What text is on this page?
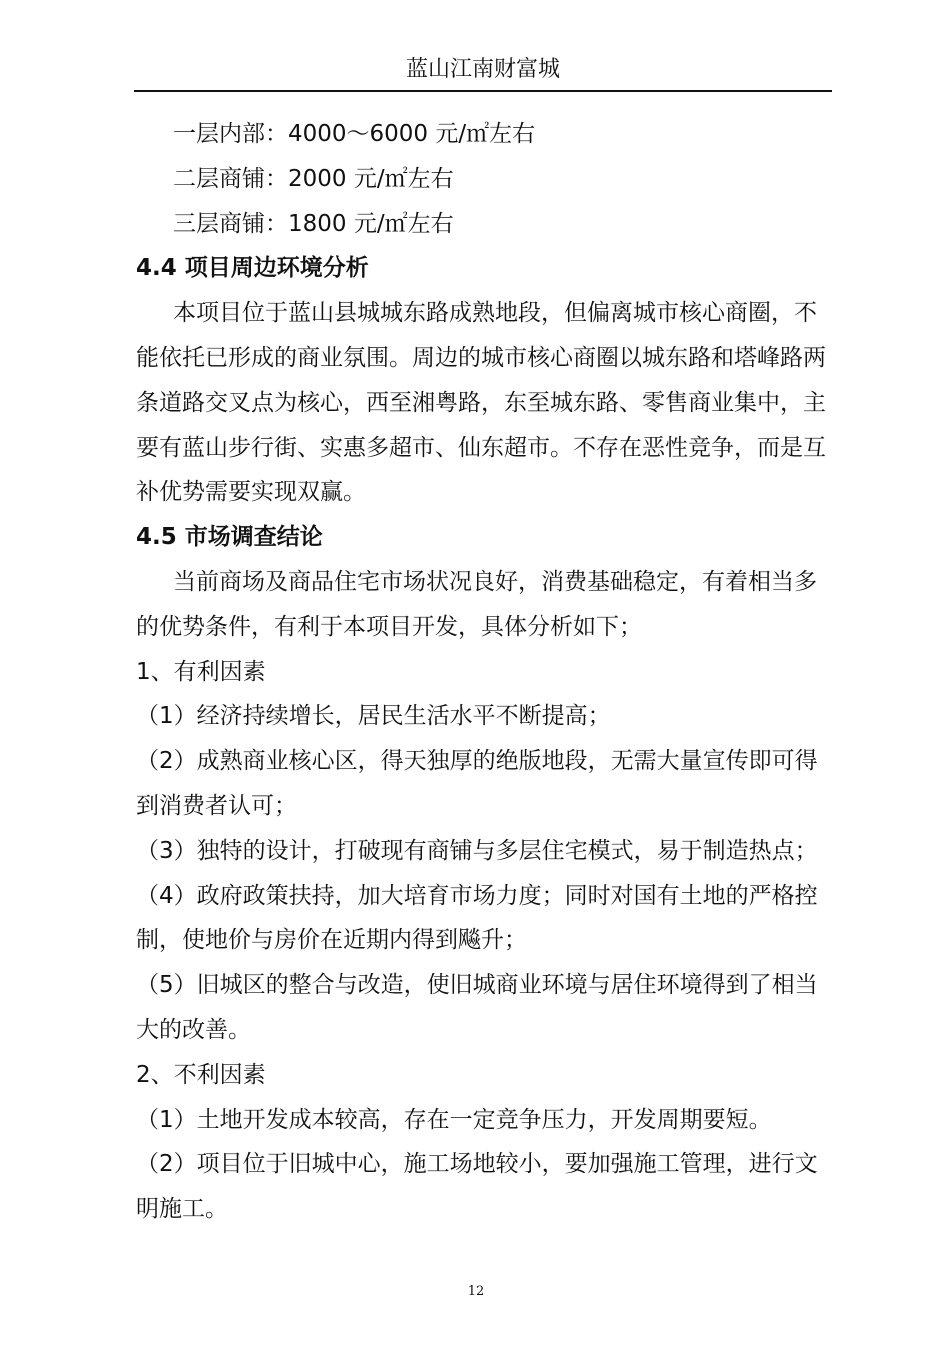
蓝山江南财富城

一层内部：4000～6000 元/㎡左右

二层商铺：2000 元/㎡左右

三层商铺：1800 元/㎡左右

4.4 项目周边环境分析

本项目位于蓝山县城城东路成熟地段，但偏离城市核心商圈，不能依托已形成的商业氛围。周边的城市核心商圈以城东路和塔峰路两条道路交叉点为核心，西至湘粤路，东至城东路、零售商业集中，主要有蓝山步行街、实惠多超市、仙东超市。不存在恶性竞争，而是互补优势需要实现双赢。

4.5 市场调查结论

当前商场及商品住宅市场状况良好，消费基础稳定，有着相当多的优势条件，有利于本项目开发，具体分析如下；

1、有利因素

（1）经济持续增长，居民生活水平不断提高；

（2）成熟商业核心区，得天独厚的绝版地段，无需大量宣传即可得到消费者认可；

（3）独特的设计，打破现有商铺与多层住宅模式，易于制造热点；

（4）政府政策扶持，加大培育市场力度；同时对国有土地的严格控制，使地价与房价在近期内得到飚升；

（5）旧城区的整合与改造，使旧城商业环境与居住环境得到了相当大的改善。

2、不利因素

（1）土地开发成本较高，存在一定竞争压力，开发周期要短。

（2）项目位于旧城中心，施工场地较小，要加强施工管理，进行文明施工。

12
